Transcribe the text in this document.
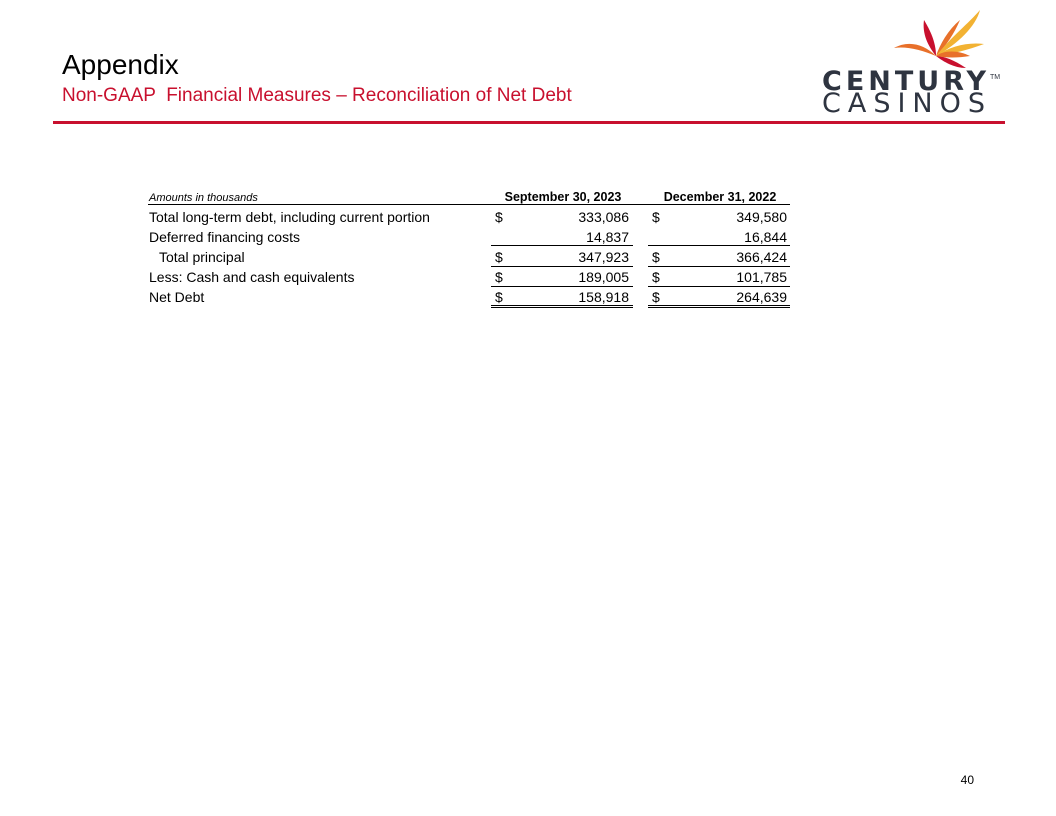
Appendix
Non-GAAP  Financial Measures – Reconciliation of Net Debt	CENTURY
CASINOS
TM
Amounts in thousands	September 30, 2023	December 31, 2022
Total long-term debt, including current portion	$	333,086 $	349,580
Deferred financing costs	14,837	16,844
Total principal	$	347,923 $	366,424
Less: Cash and cash equivalents	$	189,005 $	101,785
Net Debt	$	158,918 $	264,639
40
